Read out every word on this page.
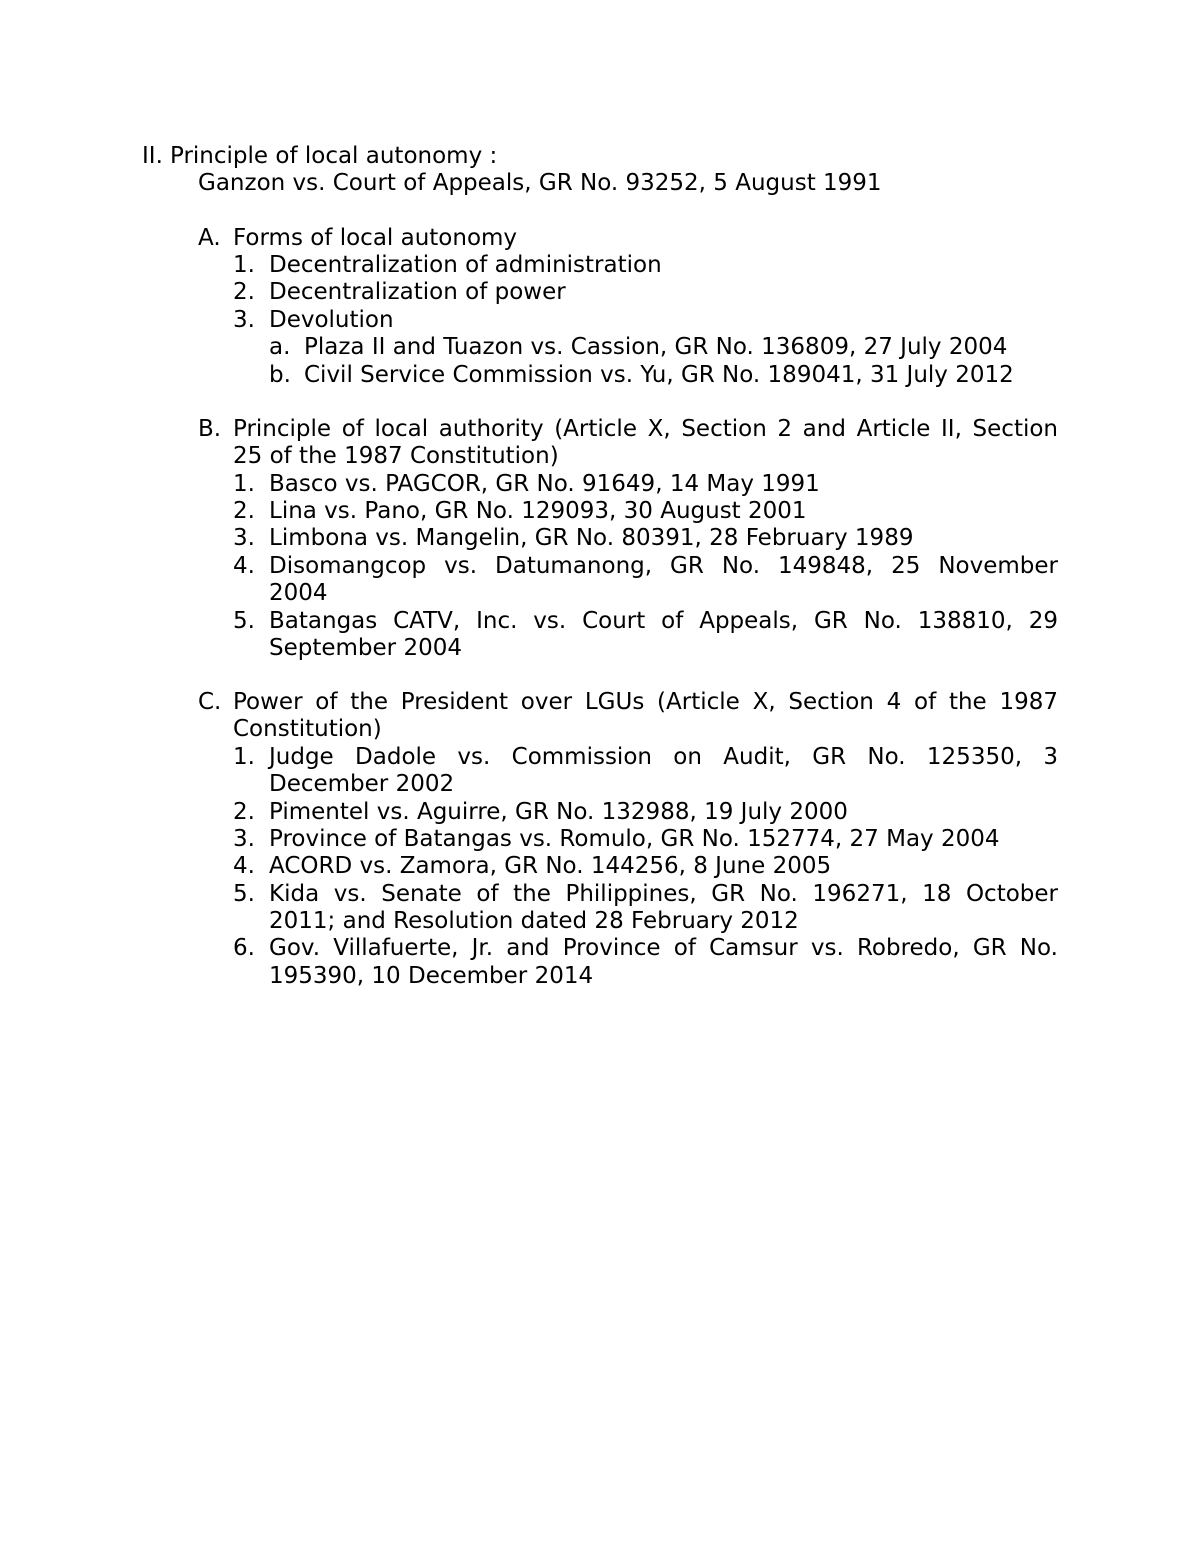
II. Principle of local autonomy :
Ganzon vs. Court of Appeals, GR No. 93252, 5 August 1991
A. Forms of local autonomy
1. Decentralization of administration
2. Decentralization of power
3. Devolution
a. Plaza II and Tuazon vs. Cassion, GR No. 136809, 27 July 2004
b. Civil Service Commission vs. Yu, GR No. 189041, 31 July 2012
B. Principle of local authority (Article X, Section 2 and Article II, Section
25 of the 1987 Constitution)
1. Basco vs. PAGCOR, GR No. 91649, 14 May 1991
2. Lina vs. Pano, GR No. 129093, 30 August 2001
3. Limbona vs. Mangelin, GR No. 80391, 28 February 1989
4. Disomangcop vs. Datumanong, GR No. 149848, 25 November
2004
5. Batangas CATV, Inc. vs. Court of Appeals, GR No. 138810, 29
September 2004
C. Power of the President over LGUs (Article X, Section 4 of the 1987
Constitution)
1. Judge Dadole vs. Commission on Audit, GR No. 125350, 3
December 2002
2. Pimentel vs. Aguirre, GR No. 132988, 19 July 2000
3. Province of Batangas vs. Romulo, GR No. 152774, 27 May 2004
4. ACORD vs. Zamora, GR No. 144256, 8 June 2005
5. Kida vs. Senate of the Philippines, GR No. 196271, 18 October
2011; and Resolution dated 28 February 2012
6. Gov. Villafuerte, Jr. and Province of Camsur vs. Robredo, GR No.
195390, 10 December 2014
